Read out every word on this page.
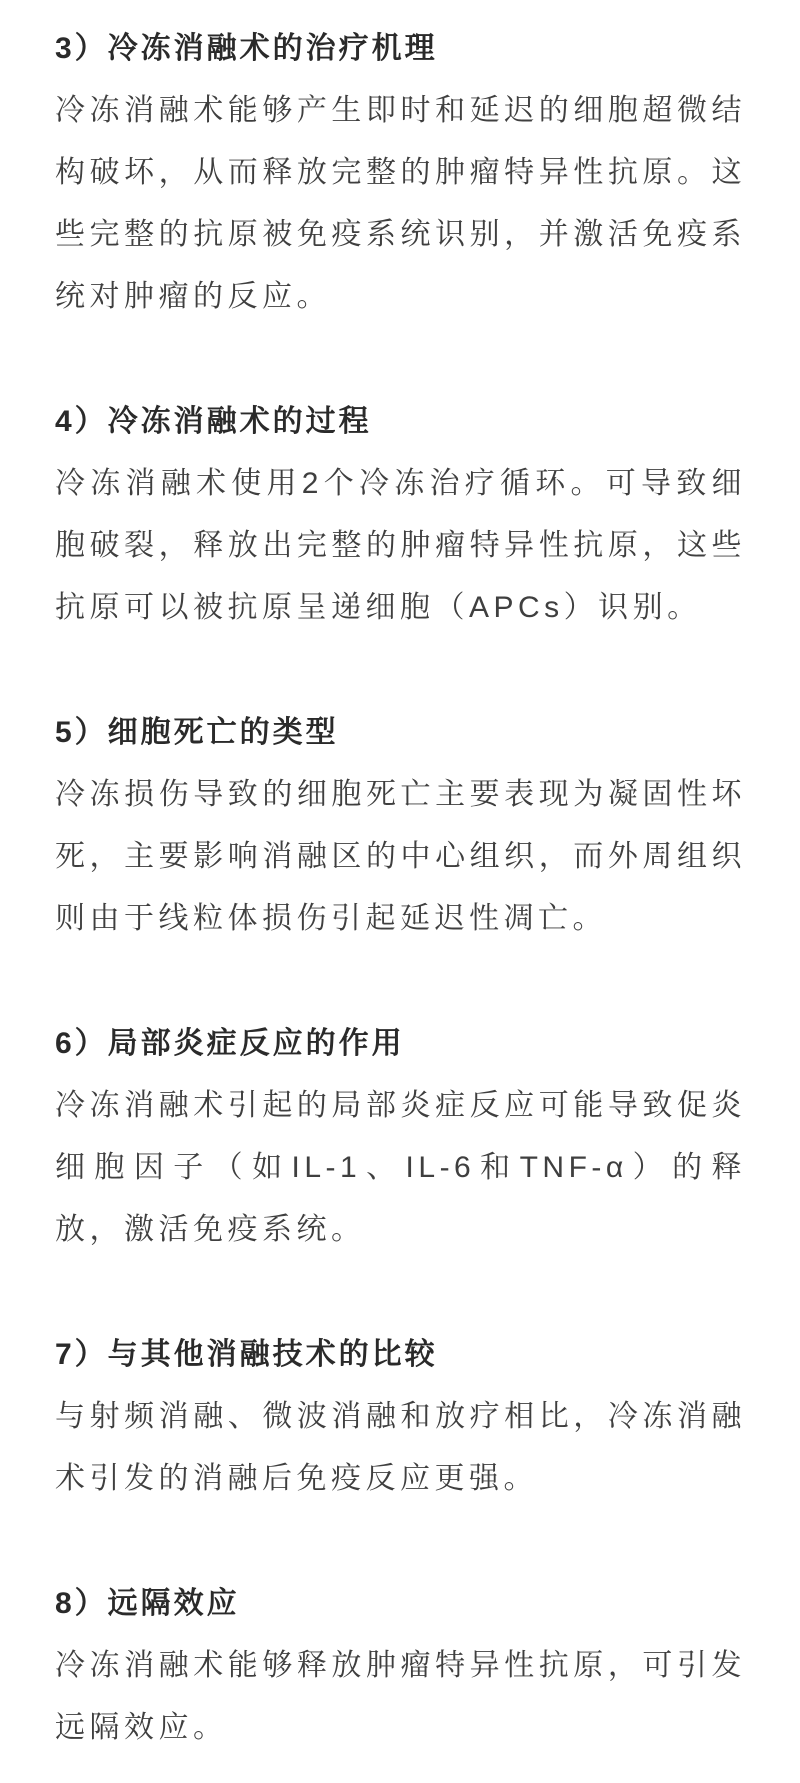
3）冷冻消融术的治疗机理

冷冻消融术能够产生即时和延迟的细胞超微结构破坏，从而释放完整的肿瘤特异性抗原。这些完整的抗原被免疫系统识别，并激活免疫系统对肿瘤的反应。

4）冷冻消融术的过程

冷冻消融术使用2个冷冻治疗循环。可导致细胞破裂，释放出完整的肿瘤特异性抗原，这些抗原可以被抗原呈递细胞（APCs）识别。

5）细胞死亡的类型

冷冻损伤导致的细胞死亡主要表现为凝固性坏死，主要影响消融区的中心组织，而外周组织则由于线粒体损伤引起延迟性凋亡。

6）局部炎症反应的作用

冷冻消融术引起的局部炎症反应可能导致促炎细胞因子（如IL-1、IL-6和TNF-α）的释放，激活免疫系统。

7）与其他消融技术的比较

与射频消融、微波消融和放疗相比，冷冻消融术引发的消融后免疫反应更强。

8）远隔效应

冷冻消融术能够释放肿瘤特异性抗原，可引发远隔效应。
